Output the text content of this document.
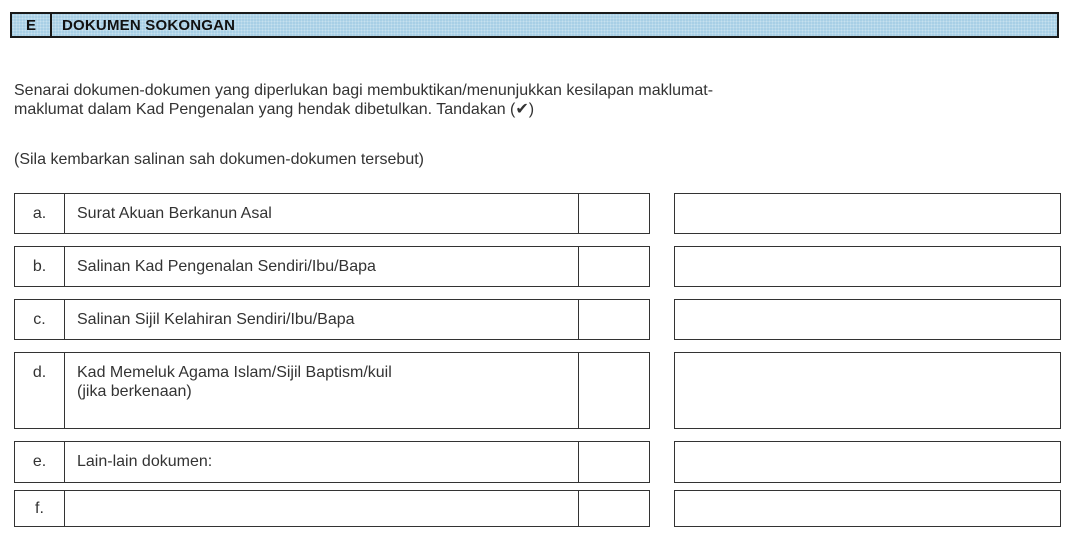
E	DOKUMEN SOKONGAN
Senarai dokumen-dokumen yang diperlukan bagi membuktikan/menunjukkan kesilapan maklumat-
maklumat dalam Kad Pengenalan yang hendak dibetulkan. Tandakan (✔)
(Sila kembarkan salinan sah dokumen-dokumen tersebut)
a.	Surat Akuan Berkanun Asal
b.	Salinan Kad Pengenalan Sendiri/Ibu/Bapa
c.	Salinan Sijil Kelahiran Sendiri/Ibu/Bapa
d.	Kad Memeluk Agama Islam/Sijil Baptism/kuil
(jika berkenaan)
e.	Lain-lain dokumen:
f.
